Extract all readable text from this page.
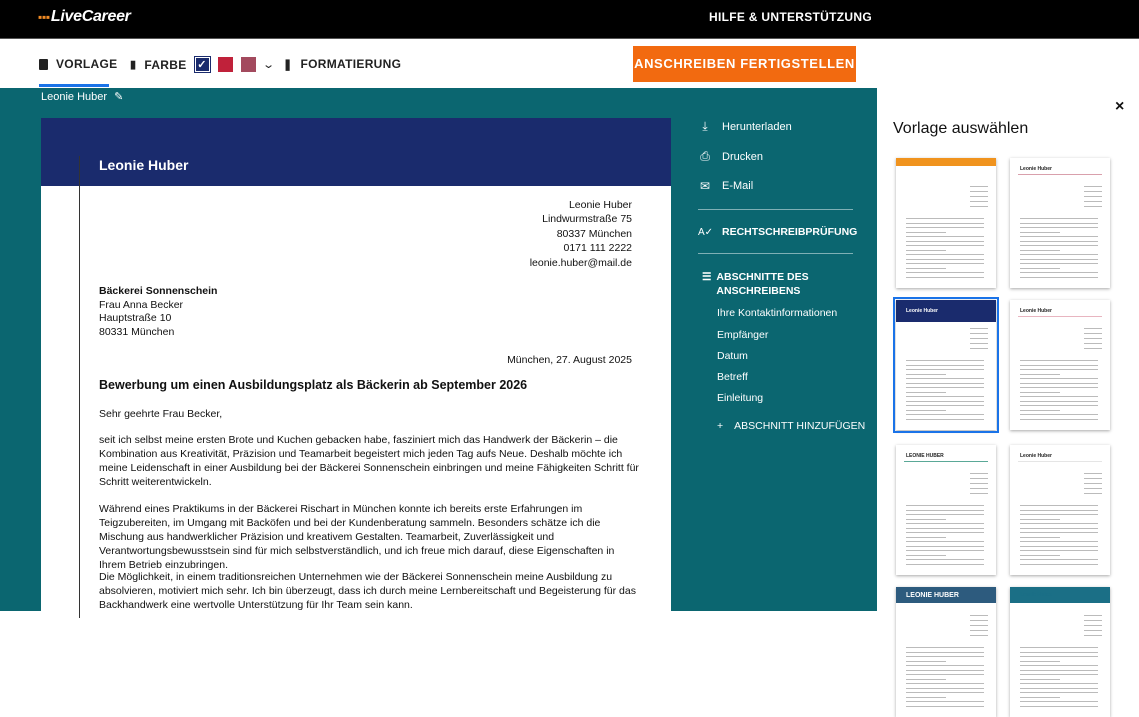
▪▪▪LiveCareer	HILFE & UNTERSTÜTZUNG
VORLAGE ▮ FARBE ✓	⌄ ❚ FORMATIERUNG	ANSCHREIBEN FERTIGSTELLEN
Leonie Huber ✎
Leonie Huber
Leonie Huber
Lindwurmstraße 75
80337 München
0171 111 2222
leonie.huber@mail.de
Bäckerei Sonnenschein
Frau Anna Becker
Hauptstraße 10
80331 München
München, 27. August 2025
Bewerbung um einen Ausbildungsplatz als Bäckerin ab September 2026
Sehr geehrte Frau Becker,
seit ich selbst meine ersten Brote und Kuchen gebacken habe, fasziniert mich das Handwerk der Bäckerin – die Kombination aus Kreativität, Präzision und Teamarbeit begeistert mich jeden Tag aufs Neue. Deshalb möchte ich meine Leidenschaft in einer Ausbildung bei der Bäckerei Sonnenschein einbringen und meine Fähigkeiten Schritt für Schritt weiterentwickeln.
Während eines Praktikums in der Bäckerei Rischart in München konnte ich bereits erste Erfahrungen im Teigzubereiten, im Umgang mit Backöfen und bei der Kundenberatung sammeln. Besonders schätze ich die Mischung aus handwerklicher Präzision und kreativem Gestalten. Teamarbeit, Zuverlässigkeit und Verantwortungsbewusstsein sind für mich selbstverständlich, und ich freue mich darauf, diese Eigenschaften in Ihrem Betrieb einzubringen.
Die Möglichkeit, in einem traditionsreichen Unternehmen wie der Bäckerei Sonnenschein meine Ausbildung zu absolvieren, motiviert mich sehr. Ich bin überzeugt, dass ich durch meine Lernbereitschaft und Begeisterung für das Backhandwerk eine wertvolle Unterstützung für Ihr Team sein kann.
⤓	Herunterladen
⎙ Drucken
✉ E-Mail
A✓ RECHTSCHREIBPRÜFUNG
☰ ABSCHNITTE DES ANSCHREIBENS
Ihre Kontaktinformationen
Empfänger
Datum
Betreff
Einleitung
+ ABSCHNITT HINZUFÜGEN
×
Vorlage auswählen
Leonie Huber
Leonie Huber	Leonie Huber
LEONIE HUBER	Leonie Huber
LEONIE HUBER	Leonie Huber
